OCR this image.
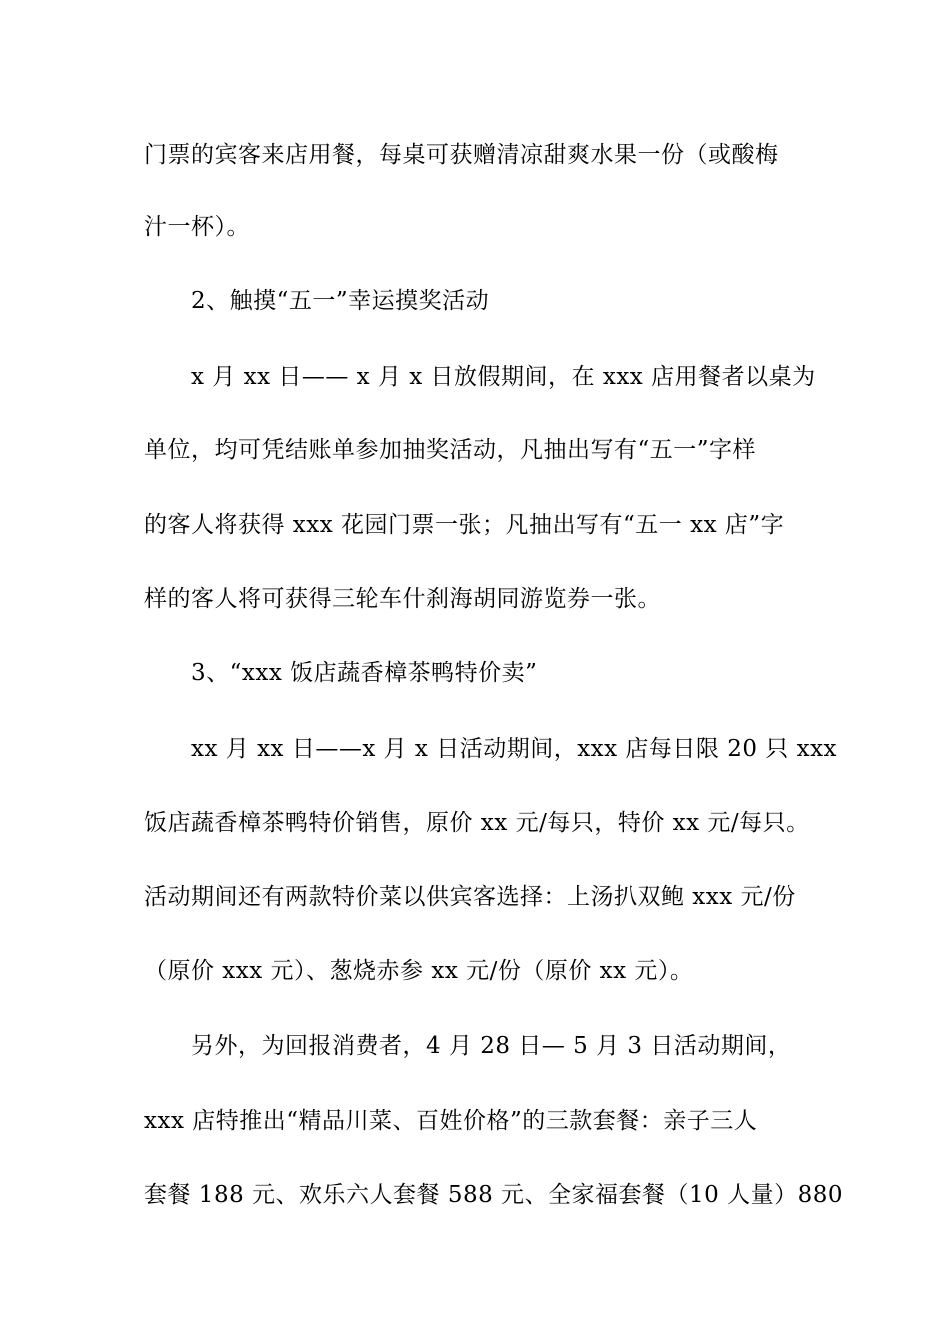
门票的宾客来店用餐，每桌可获赠清凉甜爽水果一份（或酸梅
汁一杯）。
2、触摸“五一”幸运摸奖活动
x 月 xx 日—— x 月 x 日放假期间，在 xxx 店用餐者以桌为
单位，均可凭结账单参加抽奖活动，凡抽出写有“五一”字样
的客人将获得 xxx 花园门票一张；凡抽出写有“五一 xx 店”字
样的客人将可获得三轮车什刹海胡同游览券一张。
3、“xxx 饭店蔬香樟茶鸭特价卖”
xx 月 xx 日——x 月 x 日活动期间，xxx 店每日限 20 只 xxx
饭店蔬香樟茶鸭特价销售，原价 xx 元/每只，特价 xx 元/每只。
活动期间还有两款特价菜以供宾客选择：上汤扒双鲍 xxx 元/份
（原价 xxx 元）、葱烧赤参 xx 元/份（原价 xx 元）。
另外，为回报消费者，4 月 28 日— 5 月 3 日活动期间，
xxx 店特推出“精品川菜、百姓价格”的三款套餐：亲子三人
套餐 188 元、欢乐六人套餐 588 元、全家福套餐（10 人量）880
